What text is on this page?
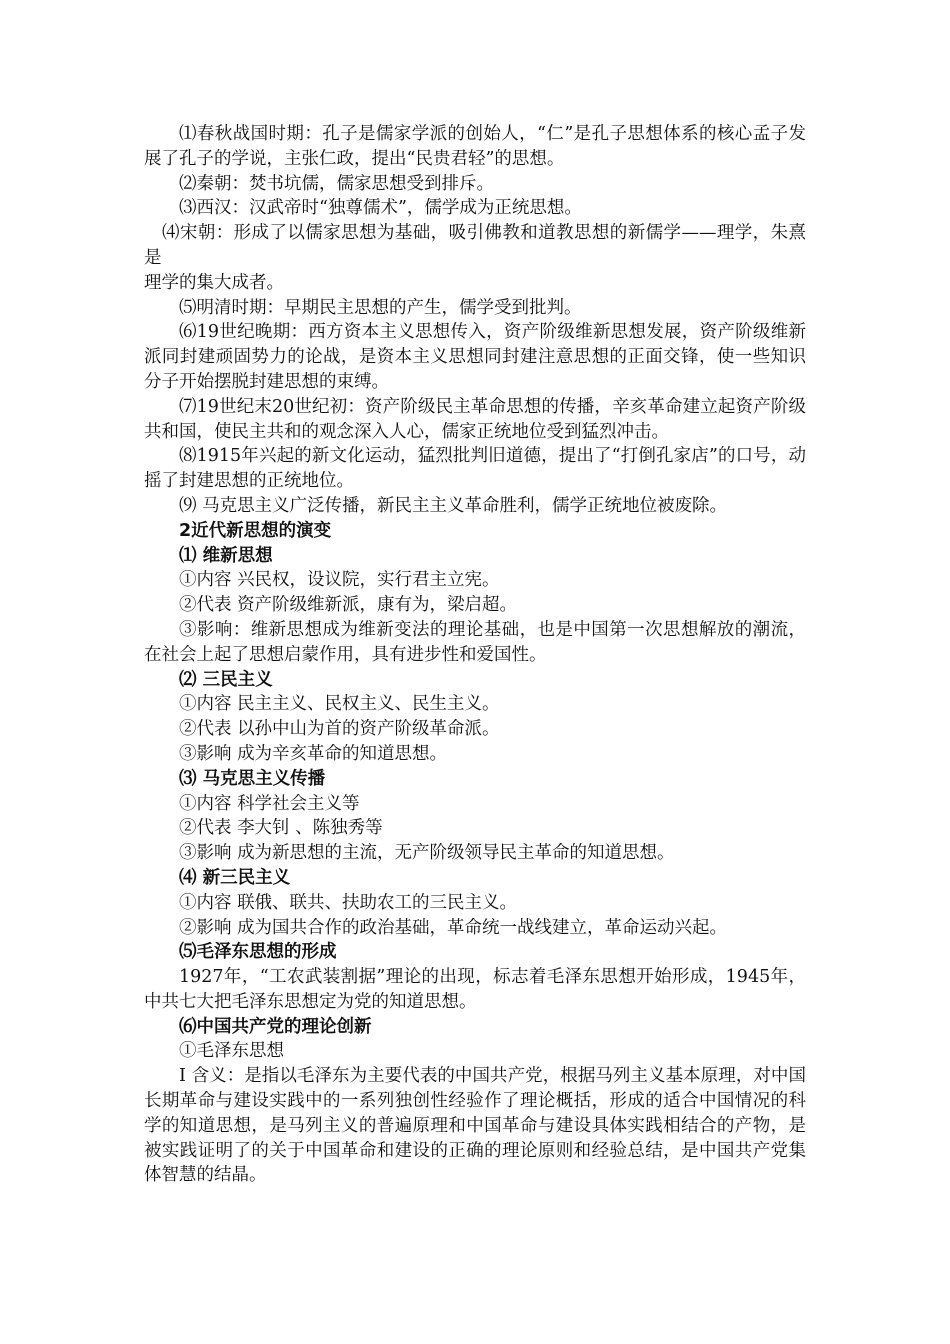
⑴春秋战国时期：孔子是儒家学派的创始人，“仁”是孔子思想体系的核心孟子发展了孔子的学说，主张仁政，提出“民贵君轻”的思想。

⑵秦朝：焚书坑儒，儒家思想受到排斥。

⑶西汉：汉武帝时“独尊儒术”，儒学成为正统思想。

⑷宋朝：形成了以儒家思想为基础，吸引佛教和道教思想的新儒学——理学，朱熹是

理学的集大成者。

⑸明清时期：早期民主思想的产生，儒学受到批判。

⑹19世纪晚期：西方资本主义思想传入，资产阶级维新思想发展，资产阶级维新派同封建顽固势力的论战，是资本主义思想同封建注意思想的正面交锋，使一些知识分子开始摆脱封建思想的束缚。

⑺19世纪末20世纪初：资产阶级民主革命思想的传播，辛亥革命建立起资产阶级共和国，使民主共和的观念深入人心，儒家正统地位受到猛烈冲击。

⑻1915年兴起的新文化运动，猛烈批判旧道德，提出了“打倒孔家店”的口号，动摇了封建思想的正统地位。

⑼ 马克思主义广泛传播，新民主主义革命胜利，儒学正统地位被废除。

2近代新思想的演变

⑴ 维新思想

①内容 兴民权，设议院，实行君主立宪。

②代表 资产阶级维新派，康有为，梁启超。

③影响：维新思想成为维新变法的理论基础，也是中国第一次思想解放的潮流，在社会上起了思想启蒙作用，具有进步性和爱国性。

⑵ 三民主义

①内容 民主主义、民权主义、民生主义。

②代表 以孙中山为首的资产阶级革命派。

③影响 成为辛亥革命的知道思想。

⑶ 马克思主义传播

①内容 科学社会主义等

②代表 李大钊 、陈独秀等

③影响 成为新思想的主流，无产阶级领导民主革命的知道思想。

⑷ 新三民主义

①内容 联俄、联共、扶助农工的三民主义。

②影响 成为国共合作的政治基础，革命统一战线建立，革命运动兴起。

⑸毛泽东思想的形成

1927年，“工农武装割据”理论的出现，标志着毛泽东思想开始形成，1945年，中共七大把毛泽东思想定为党的知道思想。

⑹中国共产党的理论创新

①毛泽东思想

Ⅰ 含义：是指以毛泽东为主要代表的中国共产党，根据马列主义基本原理，对中国长期革命与建设实践中的一系列独创性经验作了理论概括，形成的适合中国情况的科学的知道思想，是马列主义的普遍原理和中国革命与建设具体实践相结合的产物，是被实践证明了的关于中国革命和建设的正确的理论原则和经验总结，是中国共产党集体智慧的结晶。
